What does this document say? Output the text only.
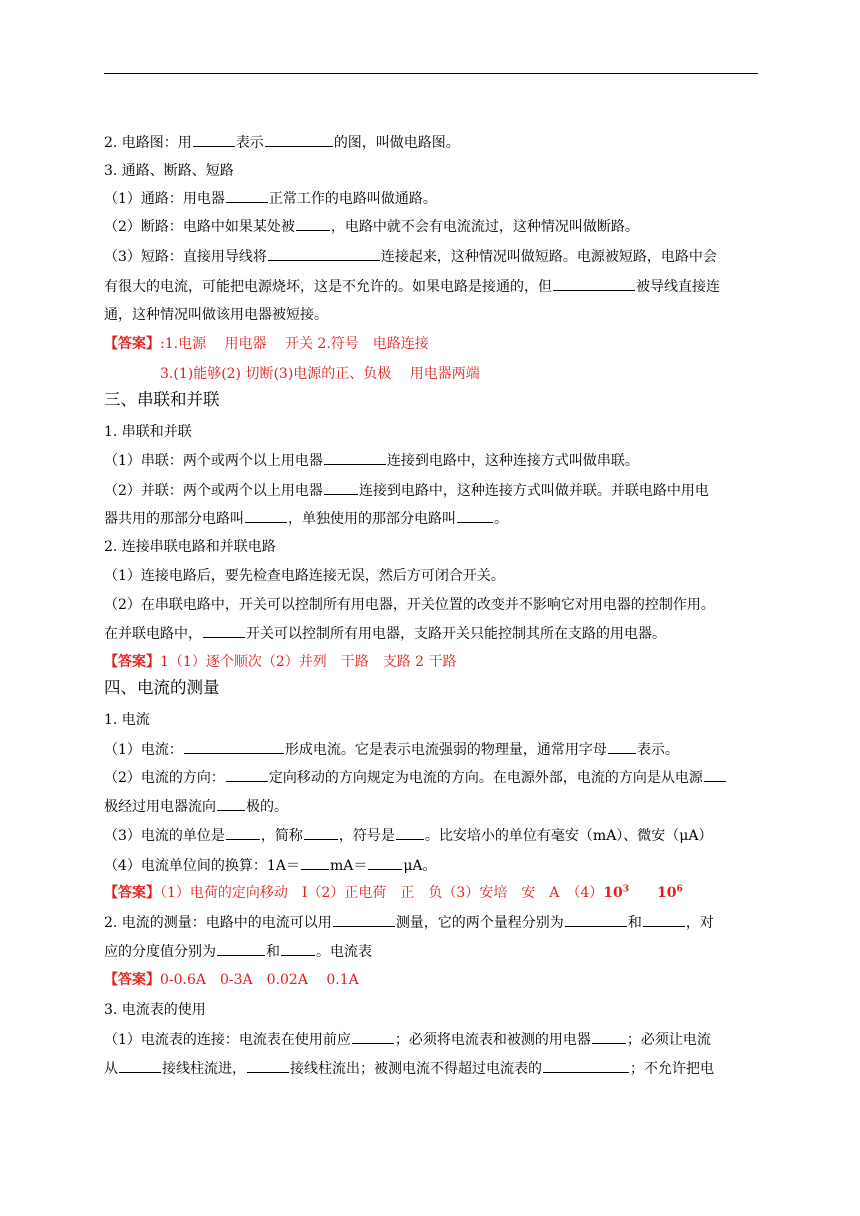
2. 电路图：用	表示	的图，叫做电路图。
3. 通路、断路、短路
（1）通路：用电器	正常工作的电路叫做通路。
（2）断路：电路中如果某处被	，电路中就不会有电流流过，这种情况叫做断路。
（3）短路：直接用导线将	连接起来，这种情况叫做短路。电源被短路，电路中会
有很大的电流，可能把电源烧坏，这是不允许的。如果电路是接通的，但	被导线直接连
通，这种情况叫做该用电器被短接。
【答案】:1.电源　 用电器　 开关 2.符号　电路连接
3.(1)能够(2) 切断(3)电源的正、负极　 用电器两端
三、串联和并联
1. 串联和并联
（1）串联：两个或两个以上用电器	连接到电路中，这种连接方式叫做串联。
（2）并联：两个或两个以上用电器	连接到电路中，这种连接方式叫做并联。并联电路中用电
器共用的那部分电路叫	，单独使用的那部分电路叫	。
2. 连接串联电路和并联电路
（1）连接电路后，要先检查电路连接无误，然后方可闭合开关。
（2）在串联电路中，开关可以控制所有用电器，开关位置的改变并不影响它对用电器的控制作用。
在并联电路中，	开关可以控制所有用电器，支路开关只能控制其所在支路的用电器。
【答案】1（1）逐个顺次（2）并列　干路　支路 2 干路
四、电流的测量
1. 电流
（1）电流：	形成电流。它是表示电流强弱的物理量，通常用字母 表示。
（2）电流的方向：	定向移动的方向规定为电流的方向。在电源外部，电流的方向是从电源
极经过用电器流向 极的。
（3）电流的单位是	，简称	，符号是 。比安培小的单位有毫安（mA）、微安（μA）
（4）电流单位间的换算：1A＝ mA＝	μA。
【答案】（1）电荷的定向移动　I（2）正电荷　正　负（3）安培　安　A　$(4)10^3$ $10^6$
2. 电流的测量：电路中的电流可以用	测量，它的两个量程分别为	和	，对
应的分度值分别为	和	。电流表
【答案】0-0.6A　0-3A　0.02A　 0.1A
3. 电流表的使用
（1）电流表的连接：电流表在使用前应	；必须将电流表和被测的用电器	；必须让电流
从	接线柱流进，	接线柱流出；被测电流不得超过电流表的	；不允许把电
